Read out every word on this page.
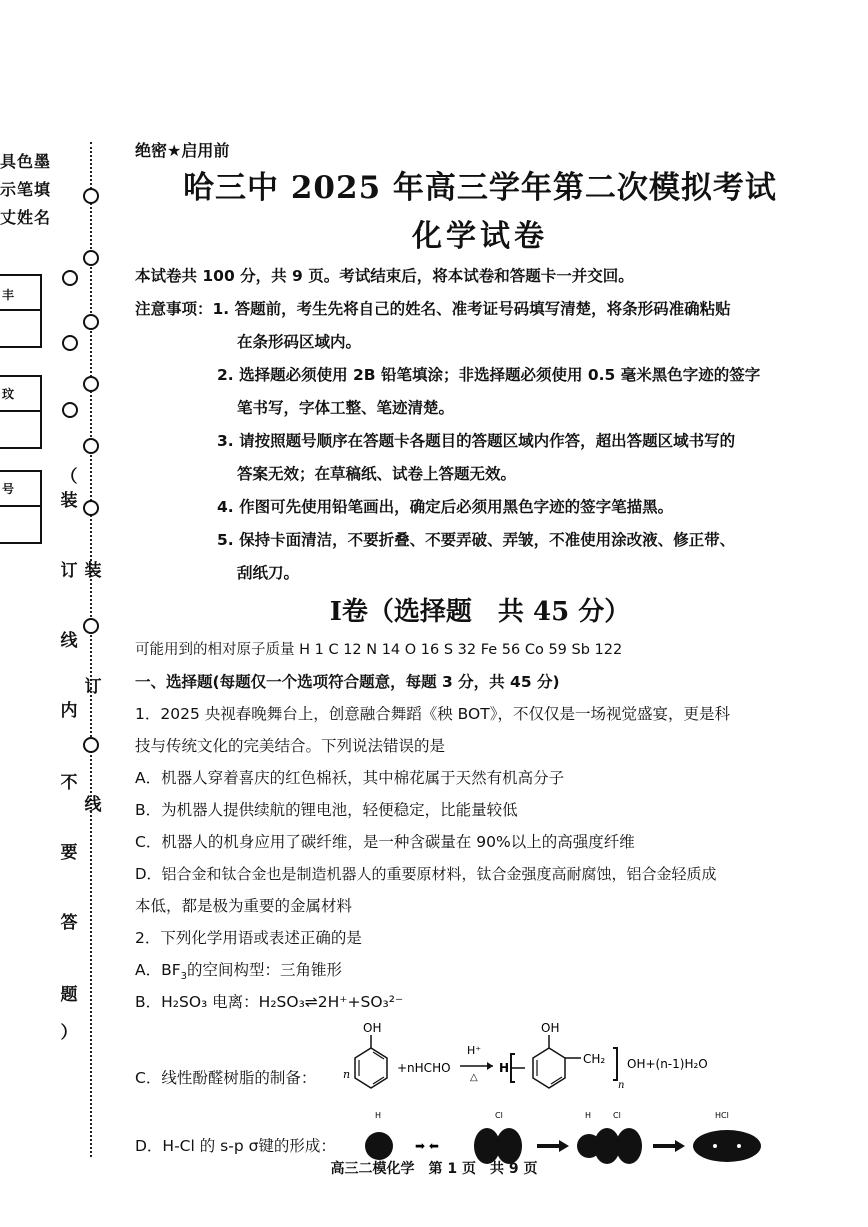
具色墨
示笔填
丈姓名
丰
玟
号
（
装
订
线
内
不
要
答
题
）
装
订
线

绝密★启用前

哈三中 2025 年高三学年第二次模拟考试
化学试卷
本试卷共 100 分，共 9 页。考试结束后，将本试卷和答题卡一并交回。
注意事项：1. 答题前，考生先将自己的姓名、准考证号码填写清楚，将条形码准确粘贴
在条形码区域内。
2. 选择题必须使用 2B 铅笔填涂；非选择题必须使用 0.5 毫米黑色字迹的签字
笔书写，字体工整、笔迹清楚。
3. 请按照题号顺序在答题卡各题目的答题区域内作答，超出答题区域书写的
答案无效；在草稿纸、试卷上答题无效。
4. 作图可先使用铅笔画出，确定后必须用黑色字迹的签字笔描黑。
5. 保持卡面清洁，不要折叠、不要弄破、弄皱，不准使用涂改液、修正带、
刮纸刀。
I卷（选择题　共 45 分）
可能用到的相对原子质量 H 1 C 12 N 14 O 16 S 32 Fe 56 Co 59 Sb 122
一、选择题(每题仅一个选项符合题意，每题 3 分，共 45 分)
1．2025 央视春晚舞台上，创意融合舞蹈《秧 BOT》，不仅仅是一场视觉盛宴，更是科
技与传统文化的完美结合。下列说法错误的是
A．机器人穿着喜庆的红色棉袄，其中棉花属于天然有机高分子
B．为机器人提供续航的锂电池，轻便稳定，比能量较低
C．机器人的机身应用了碳纤维，是一种含碳量在 90%以上的高强度纤维
D．铝合金和钛合金也是制造机器人的重要原材料，钛合金强度高耐腐蚀，铝合金轻质成
本低，都是极为重要的金属材料
2．下列化学用语或表述正确的是
A．$BF_3$的空间构型：三角锥形
B．H₂SO₃ 电离：H₂SO₃⇌2H⁺+SO₃²⁻
C．线性酚醛树脂的制备：
OH
n	+nHCHO
H⁺
△
H
OH
CH₂
n
OH+(n-1)H₂O
D．H-Cl 的 s-p σ键的形成：
H
➡ ⬅
Cl	H	Cl	HCl
高三二模化学　第 1 页　共 9 页
